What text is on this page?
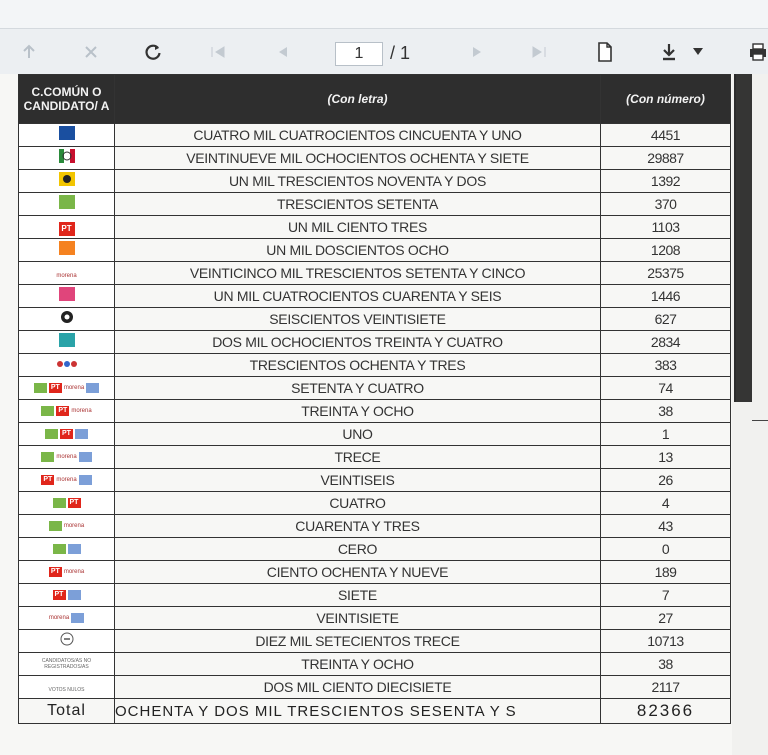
1	/ 1
C.COMÚN O CANDIDATO/ A	(Con letra)	(Con número)
	CUATRO MIL CUATROCIENTOS CINCUENTA Y UNO	4451
	VEINTINUEVE MIL OCHOCIENTOS OCHENTA Y SIETE	29887
	UN MIL TRESCIENTOS NOVENTA Y DOS	1392
	TRESCIENTOS SETENTA	370
PT	UN MIL CIENTO TRES	1103
	UN MIL DOSCIENTOS OCHO	1208
morena	VEINTICINCO MIL TRESCIENTOS SETENTA Y CINCO	25375
	UN MIL CUATROCIENTOS CUARENTA Y SEIS	1446
	SEISCIENTOS VEINTISIETE	627
	DOS MIL OCHOCIENTOS TREINTA Y CUATRO	2834
	TRESCIENTOS OCHENTA Y TRES	383

PT morena	SETENTA Y CUATRO	74

PT morena	TREINTA Y OCHO	38

PT	UNO	1

morena	TRECE	13

PT morena	VEINTISEIS	26

PT	CUATRO	4

morena	CUARENTA Y TRES	43

	CERO	0

PT morena	CIENTO OCHENTA Y NUEVE	189

PT	SIETE	7

morena	VEINTISIETE	27
	DIEZ MIL SETECIENTOS TRECE	10713
CANDIDATOS/AS NO REGISTRADOS/AS	TREINTA Y OCHO	38
VOTOS NULOS	DOS MIL CIENTO DIECISIETE	2117
Total	OCHENTA Y DOS MIL TRESCIENTOS SESENTA Y S	82366
